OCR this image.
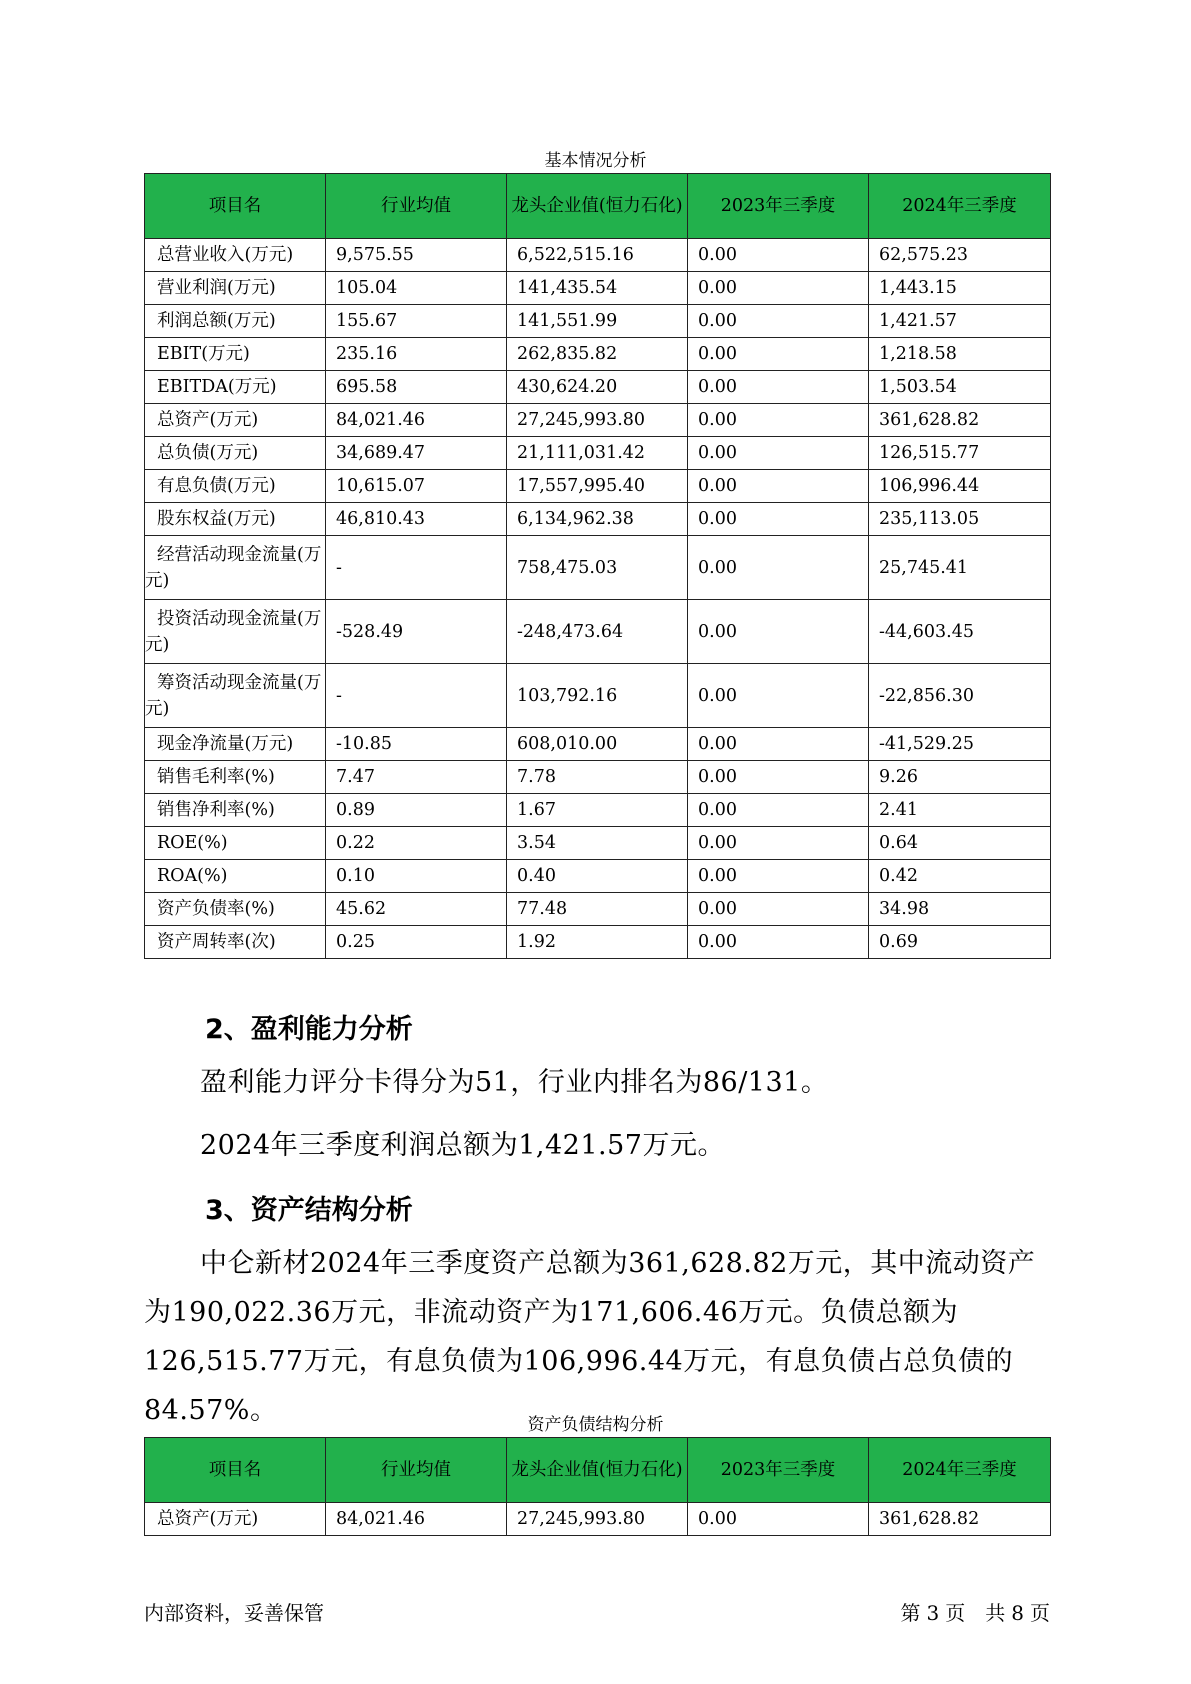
基本情况分析
项目名	行业均值	龙头企业值(恒力石化)	2023年三季度	2024年三季度
总营业收入(万元)	9,575.55	6,522,515.16	0.00	62,575.23
营业利润(万元)	105.04	141,435.54	0.00	1,443.15
利润总额(万元)	155.67	141,551.99	0.00	1,421.57
EBIT(万元)	235.16	262,835.82	0.00	1,218.58
EBITDA(万元)	695.58	430,624.20	0.00	1,503.54
总资产(万元)	84,021.46	27,245,993.80	0.00	361,628.82
总负债(万元)	34,689.47	21,111,031.42	0.00	126,515.77
有息负债(万元)	10,615.07	17,557,995.40	0.00	106,996.44
股东权益(万元)	46,810.43	6,134,962.38	0.00	235,113.05
经营活动现金流量(万元)	-	758,475.03	0.00	25,745.41
投资活动现金流量(万元)	-528.49	-248,473.64	0.00	-44,603.45
筹资活动现金流量(万元)	-	103,792.16	0.00	-22,856.30
现金净流量(万元)	-10.85	608,010.00	0.00	-41,529.25
销售毛利率(%)	7.47	7.78	0.00	9.26
销售净利率(%)	0.89	1.67	0.00	2.41
ROE(%)	0.22	3.54	0.00	0.64
ROA(%)	0.10	0.40	0.00	0.42
资产负债率(%)	45.62	77.48	0.00	34.98
资产周转率(次)	0.25	1.92	0.00	0.69
2、盈利能力分析

盈利能力评分卡得分为51，行业内排名为86/131。

2024年三季度利润总额为1,421.57万元。

3、资产结构分析

中仑新材2024年三季度资产总额为361,628.82万元，其中流动资产为190,022.36万元，非流动资产为171,606.46万元。负债总额为126,515.77万元，有息负债为106,996.44万元，有息负债占总负债的84.57%。	资产负债结构分析
项目名	行业均值	龙头企业值(恒力石化)	2023年三季度	2024年三季度
总资产(万元)	84,021.46	27,245,993.80	0.00	361,628.82
内部资料，妥善保管	第 3 页 共 8 页
